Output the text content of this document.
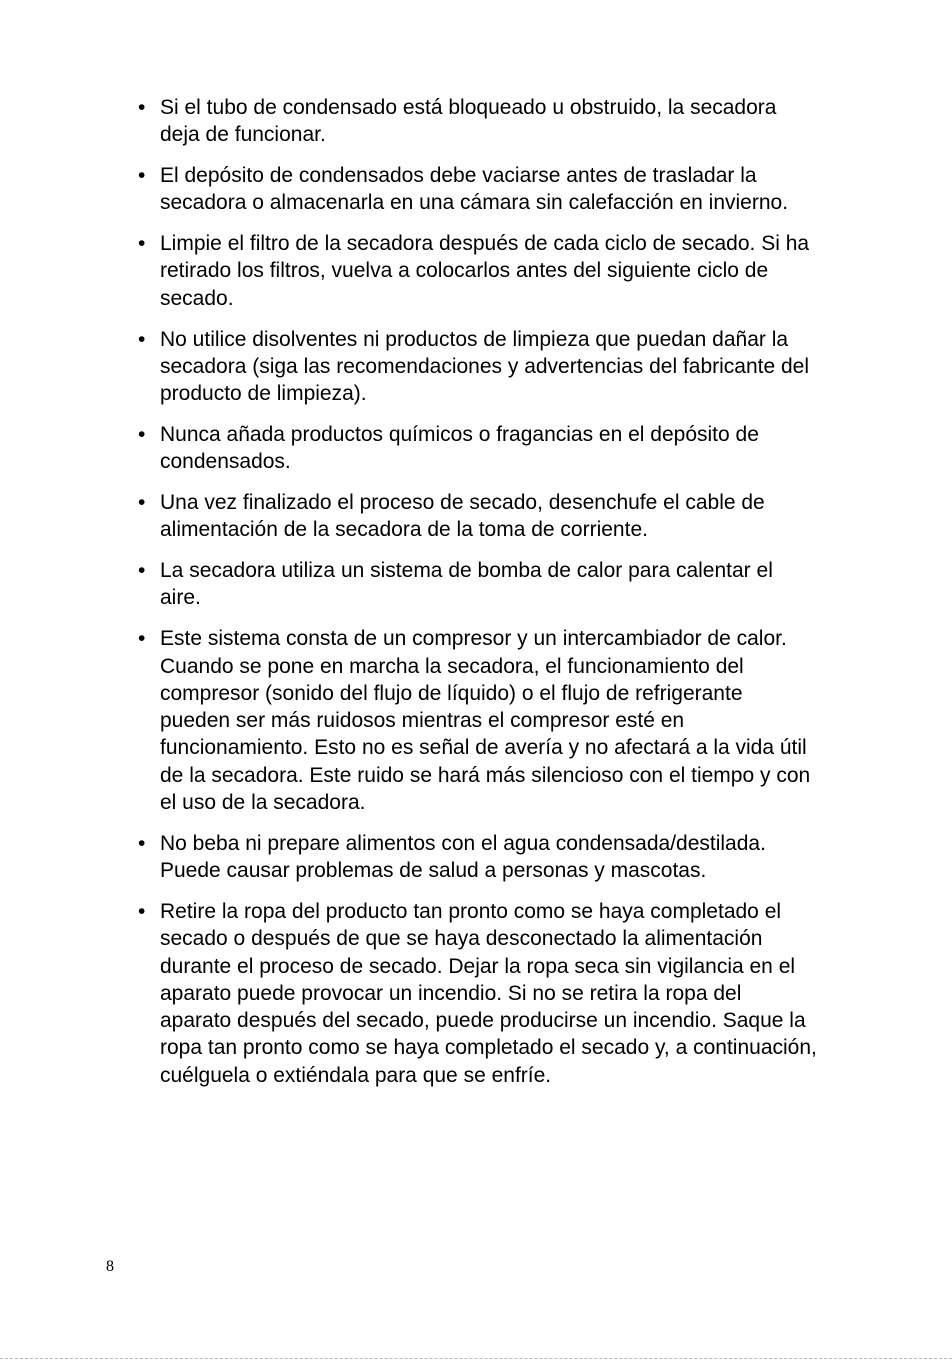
• Si el tubo de condensado está bloqueado u obstruido, la secadora deja de funcionar.
• El depósito de condensados debe vaciarse antes de trasladar la secadora o almacenarla en una cámara sin calefacción en invierno.
• Limpie el filtro de la secadora después de cada ciclo de secado. Si ha retirado los filtros, vuelva a colocarlos antes del siguiente ciclo de secado.
• No utilice disolventes ni productos de limpieza que puedan dañar la secadora (siga las recomendaciones y advertencias del fabricante del producto de limpieza).
• Nunca añada productos químicos o fragancias en el depósito de condensados.
• Una vez finalizado el proceso de secado, desenchufe el cable de alimentación de la secadora de la toma de corriente.
• La secadora utiliza un sistema de bomba de calor para calentar el aire.
• Este sistema consta de un compresor y un intercambiador de calor. Cuando se pone en marcha la secadora, el funcionamiento del compresor (sonido del flujo de líquido) o el flujo de refrigerante pueden ser más ruidosos mientras el compresor esté en funcionamiento. Esto no es señal de avería y no afectará a la vida útil de la secadora. Este ruido se hará más silencioso con el tiempo y con el uso de la secadora.
• No beba ni prepare alimentos con el agua condensada/destilada. Puede causar problemas de salud a personas y mascotas.
• Retire la ropa del producto tan pronto como se haya completado el secado o después de que se haya desconectado la alimentación durante el proceso de secado. Dejar la ropa seca sin vigilancia en el aparato puede provocar un incendio. Si no se retira la ropa del aparato después del secado, puede producirse un incendio. Saque la ropa tan pronto como se haya completado el secado y, a continuación, cuélguela o extiéndala para que se enfríe.
8
